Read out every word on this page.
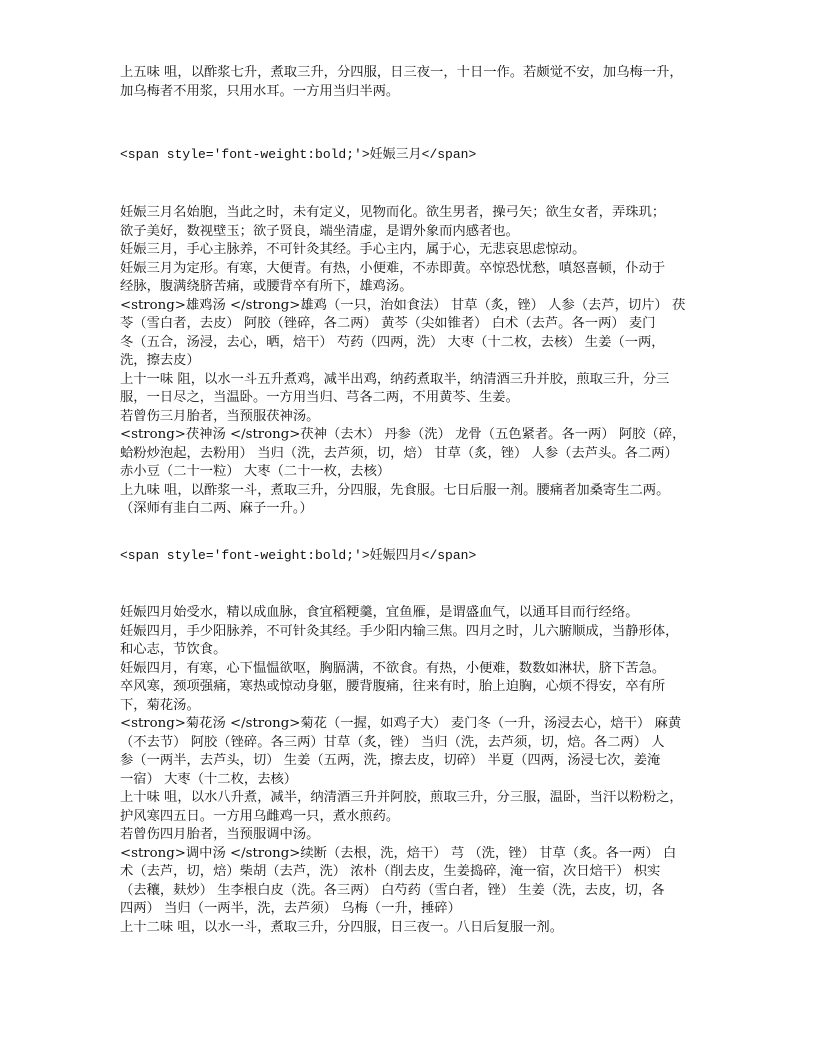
上五味 咀，以酢浆七升，煮取三升，分四服，日三夜一，十日一作。若颇觉不安，加乌梅一升，
加乌梅者不用浆，只用水耳。一方用当归半两。
<span style='font-weight:bold;'>妊娠三月</span>
妊娠三月名始胞，当此之时，未有定义，见物而化。欲生男者，操弓矢；欲生女者，弄珠玑；
欲子美好，数视壁玉；欲子贤良，端坐清虚，是谓外象而内感者也。
妊娠三月，手心主脉养，不可针灸其经。手心主内，属于心，无悲哀思虑惊动。
妊娠三月为定形。有寒，大便青。有热，小便难，不赤即黄。卒惊恐忧愁，嗔怒喜顿，仆动于
经脉，腹满绕脐苦痛，或腰背卒有所下，雄鸡汤。
<strong>雄鸡汤 </strong>雄鸡（一只，治如食法） 甘草（炙，锉） 人参（去芦，切片） 茯
苓（雪白者，去皮） 阿胶（锉碎，各二两） 黄芩（尖如锥者） 白术（去芦。各一两） 麦门
冬（五合，汤浸，去心，晒，焙干） 芍药（四两，洗） 大枣（十二枚，去核） 生姜（一两，
洗，擦去皮）
上十一味 阻，以水一斗五升煮鸡，减半出鸡，纳药煮取半，纳清酒三升并胶，煎取三升，分三
服，一日尽之，当温卧。一方用当归、芎各二两，不用黄芩、生姜。
若曾伤三月胎者，当预服茯神汤。
<strong>茯神汤 </strong>茯神（去木） 丹参（洗） 龙骨（五色紧者。各一两） 阿胶（碎，
蛤粉炒泡起，去粉用） 当归（洗，去芦须，切，焙） 甘草（炙，锉） 人参（去芦头。各二两）
赤小豆（二十一粒） 大枣（二十一枚，去核）
上九味 咀，以酢浆一斗，煮取三升，分四服，先食服。七日后服一剂。腰痛者加桑寄生二两。
（深师有韭白二两、麻子一升。）
<span style='font-weight:bold;'>妊娠四月</span>
妊娠四月始受水，精以成血脉，食宜稻粳羹，宜鱼雁，是谓盛血气，以通耳目而行经络。
妊娠四月，手少阳脉养，不可针灸其经。手少阳内输三焦。四月之时，儿六腑顺成，当静形体，
和心志，节饮食。
妊娠四月，有寒，心下愠愠欲呕，胸膈满，不欲食。有热，小便难，数数如淋状，脐下苦急。
卒风寒，颈项强痛，寒热或惊动身躯，腰背腹痛，往来有时，胎上迫胸，心烦不得安，卒有所
下，菊花汤。
<strong>菊花汤 </strong>菊花（一握，如鸡子大） 麦门冬（一升，汤浸去心，焙干） 麻黄
（不去节） 阿胶（锉碎。各三两）甘草（炙，锉） 当归（洗，去芦须，切，焙。各二两） 人
参（一两半，去芦头，切） 生姜（五两，洗，擦去皮，切碎） 半夏（四两，汤浸七次，姜淹
一宿） 大枣（十二枚，去核）
上十味 咀，以水八升煮，减半，纳清酒三升并阿胶，煎取三升，分三服，温卧，当汗以粉粉之，
护风寒四五日。一方用乌雌鸡一只，煮水煎药。
若曾伤四月胎者，当预服调中汤。
<strong>调中汤 </strong>续断（去根，洗，焙干） 芎 （洗，锉） 甘草（炙。各一两） 白
术（去芦，切，焙）柴胡（去芦，洗） 浓朴（削去皮，生姜捣碎，淹一宿，次日焙干） 枳实
（去穰，麸炒） 生李根白皮（洗。各三两） 白芍药（雪白者，锉） 生姜（洗，去皮，切，各
四两） 当归（一两半，洗，去芦须） 乌梅（一升，捶碎）
上十二味 咀，以水一斗，煮取三升，分四服，日三夜一。八日后复服一剂。
